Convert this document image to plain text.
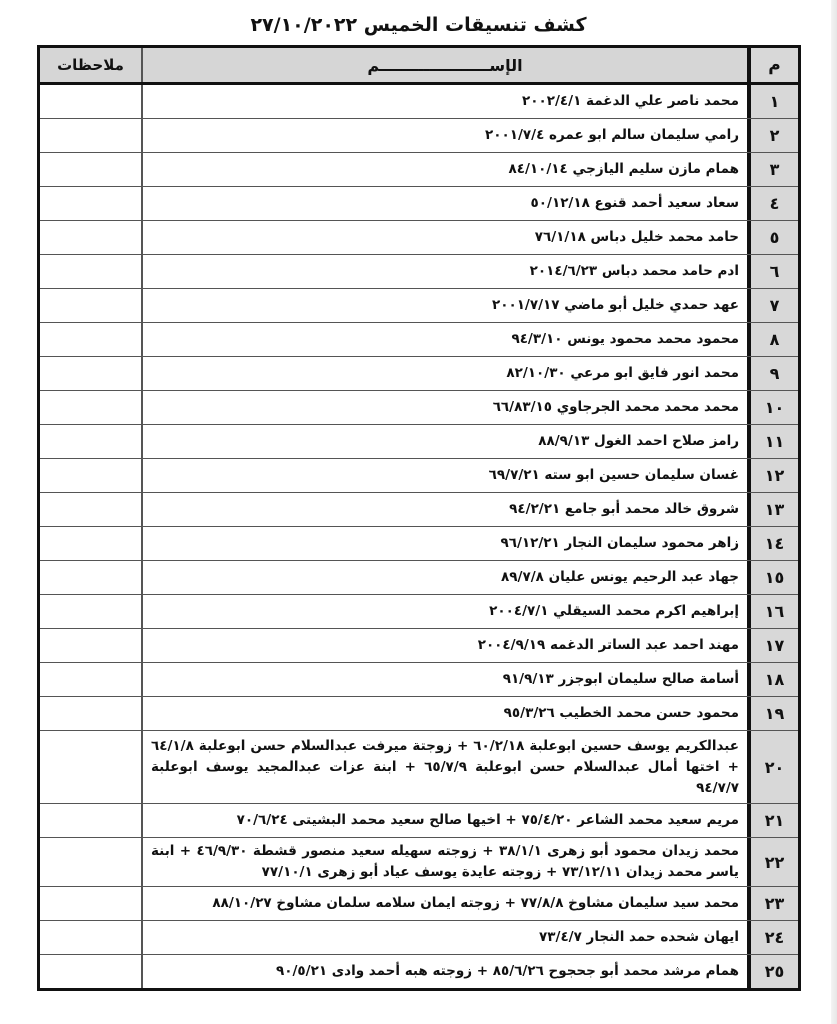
كشف تنسيقات الخميس ٢٧/١٠/٢٠٢٢
م
الإســــــــــــــــــــم
ملاحظات
١
محمد ناصر علي الدغمة ٢٠٠٢/٤/١
٢
رامي سليمان سالم ابو عمره ٢٠٠١/٧/٤
٣
همام مازن سليم اليازجي ٨٤/١٠/١٤
٤
سعاد سعيد أحمد قنوع ٥٠/١٢/١٨
٥
حامد محمد خليل دباس ٧٦/١/١٨
٦
ادم حامد محمد دباس ٢٠١٤/٦/٢٣
٧
عهد حمدي خليل أبو ماضي ٢٠٠١/٧/١٧
٨
محمود محمد محمود يونس ٩٤/٣/١٠
٩
محمد انور فايق ابو مرعي ٨٢/١٠/٣٠
١٠
محمد محمد محمد الجرجاوي ٦٦/٨٣/١٥
١١
رامز صلاح احمد الغول ٨٨/٩/١٣
١٢
غسان سليمان حسين ابو سته ٦٩/٧/٢١
١٣
شروق خالد محمد أبو جامع ٩٤/٢/٢١
١٤
زاهر محمود سليمان النجار ٩٦/١٢/٢١
١٥
جهاد عبد الرحيم يونس عليان ٨٩/٧/٨
١٦
إبراهيم اكرم محمد السيقلي ٢٠٠٤/٧/١
١٧
مهند احمد عبد الساتر الدغمه ٢٠٠٤/٩/١٩
١٨
أسامة صالح سليمان ابوجزر ٩١/٩/١٣
١٩
محمود حسن محمد الخطيب ٩٥/٣/٢٦
٢٠
عبدالكريم يوسف حسين ابوعلبة ٦٠/٢/١٨ + زوجتة ميرفت عبدالسلام حسن ابوعلبة ٦٤/١/٨ + اختها أمال عبدالسلام حسن ابوعلبة ٦٥/٧/٩ + ابنة عزات عبدالمجيد يوسف ابوعلبة ٩٤/٧/٧
٢١
مريم سعيد محمد الشاعر ٧٥/٤/٢٠ + اخيها صالح سعيد محمد البشيتى ٧٠/٦/٢٤
٢٢
محمد زيدان محمود أبو زهرى ٣٨/١/١ + زوجته سهيله سعيد منصور قشطة ٤٦/٩/٣٠ + ابنة ياسر محمد زيدان ٧٣/١٢/١١ + زوجته عايدة يوسف عياد أبو زهرى ٧٧/١٠/١
٢٣
محمد سيد سليمان مشاوخ ٧٧/٨/٨ + زوجته ايمان سلامه سلمان مشاوخ ٨٨/١٠/٢٧
٢٤
ايهان شحده حمد النجار ٧٣/٤/٧
٢٥
همام مرشد محمد أبو جحجوح ٨٥/٦/٢٦ + زوجته هبه أحمد وادى ٩٠/٥/٢١
